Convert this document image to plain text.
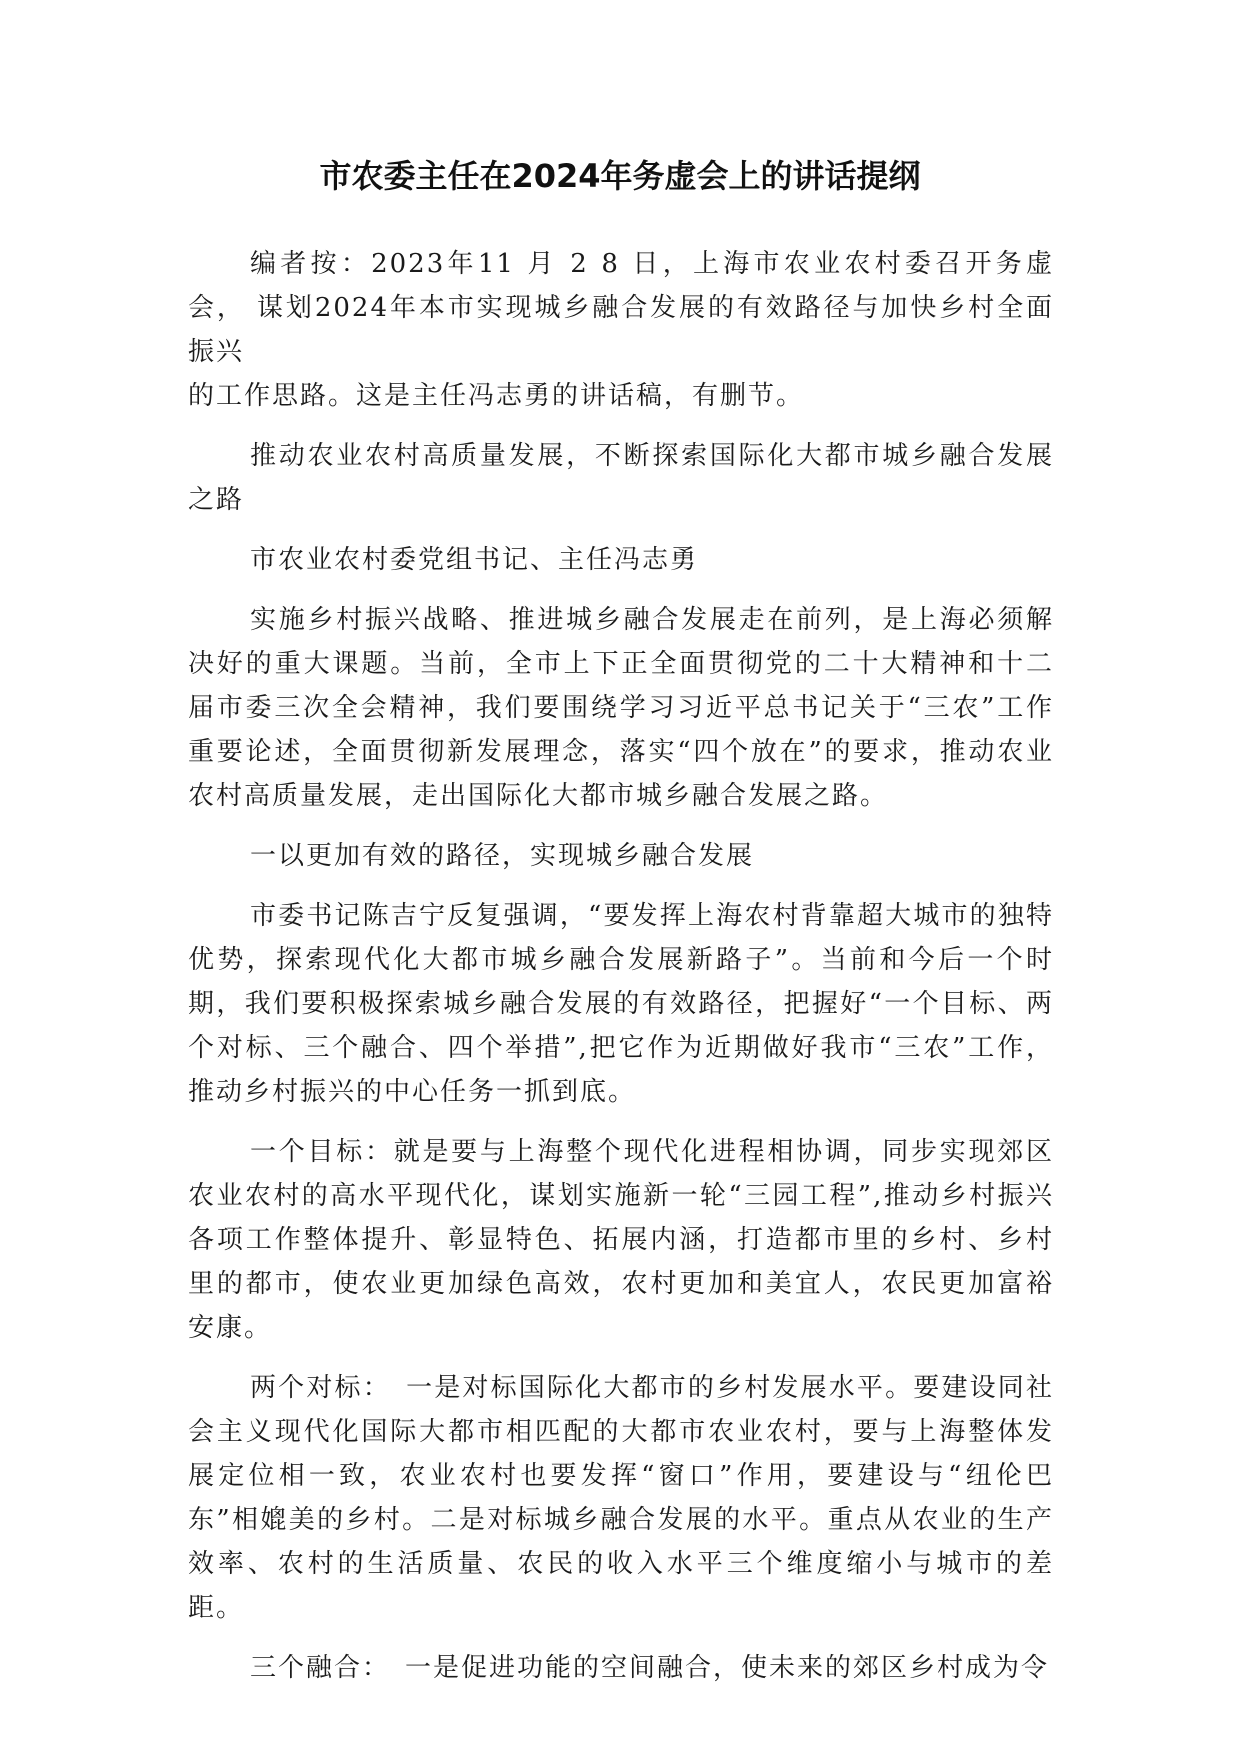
市农委主任在2024年务虚会上的讲话提纲

编者按：2023年11 月 2 8 日，上海市农业农村委召开务虚会， 谋划2024年本市实现城乡融合发展的有效路径与加快乡村全面振兴
的工作思路。这是主任冯志勇的讲话稿，有删节。

推动农业农村高质量发展，不断探索国际化大都市城乡融合发展之路

市农业农村委党组书记、主任冯志勇

实施乡村振兴战略、推进城乡融合发展走在前列，是上海必须解决好的重大课题。当前，全市上下正全面贯彻党的二十大精神和十二届市委三次全会精神，我们要围绕学习习近平总书记关于“三农”工作重要论述，全面贯彻新发展理念，落实“四个放在”的要求，推动农业农村高质量发展，走出国际化大都市城乡融合发展之路。

一以更加有效的路径，实现城乡融合发展

市委书记陈吉宁反复强调，“要发挥上海农村背靠超大城市的独特优势，探索现代化大都市城乡融合发展新路子”。当前和今后一个时期，我们要积极探索城乡融合发展的有效路径，把握好“一个目标、两个对标、三个融合、四个举措”,把它作为近期做好我市“三农”工作，推动乡村振兴的中心任务一抓到底。

一个目标：就是要与上海整个现代化进程相协调，同步实现郊区农业农村的高水平现代化，谋划实施新一轮“三园工程”,推动乡村振兴各项工作整体提升、彰显特色、拓展内涵，打造都市里的乡村、乡村里的都市，使农业更加绿色高效，农村更加和美宜人，农民更加富裕安康。

两个对标：　一是对标国际化大都市的乡村发展水平。要建设同社会主义现代化国际大都市相匹配的大都市农业农村，要与上海整体发展定位相一致，农业农村也要发挥“窗口”作用，要建设与“纽伦巴东”相媲美的乡村。二是对标城乡融合发展的水平。重点从农业的生产效率、农村的生活质量、农民的收入水平三个维度缩小与城市的差距。

三个融合：　一是促进功能的空间融合，使未来的郊区乡村成为令
